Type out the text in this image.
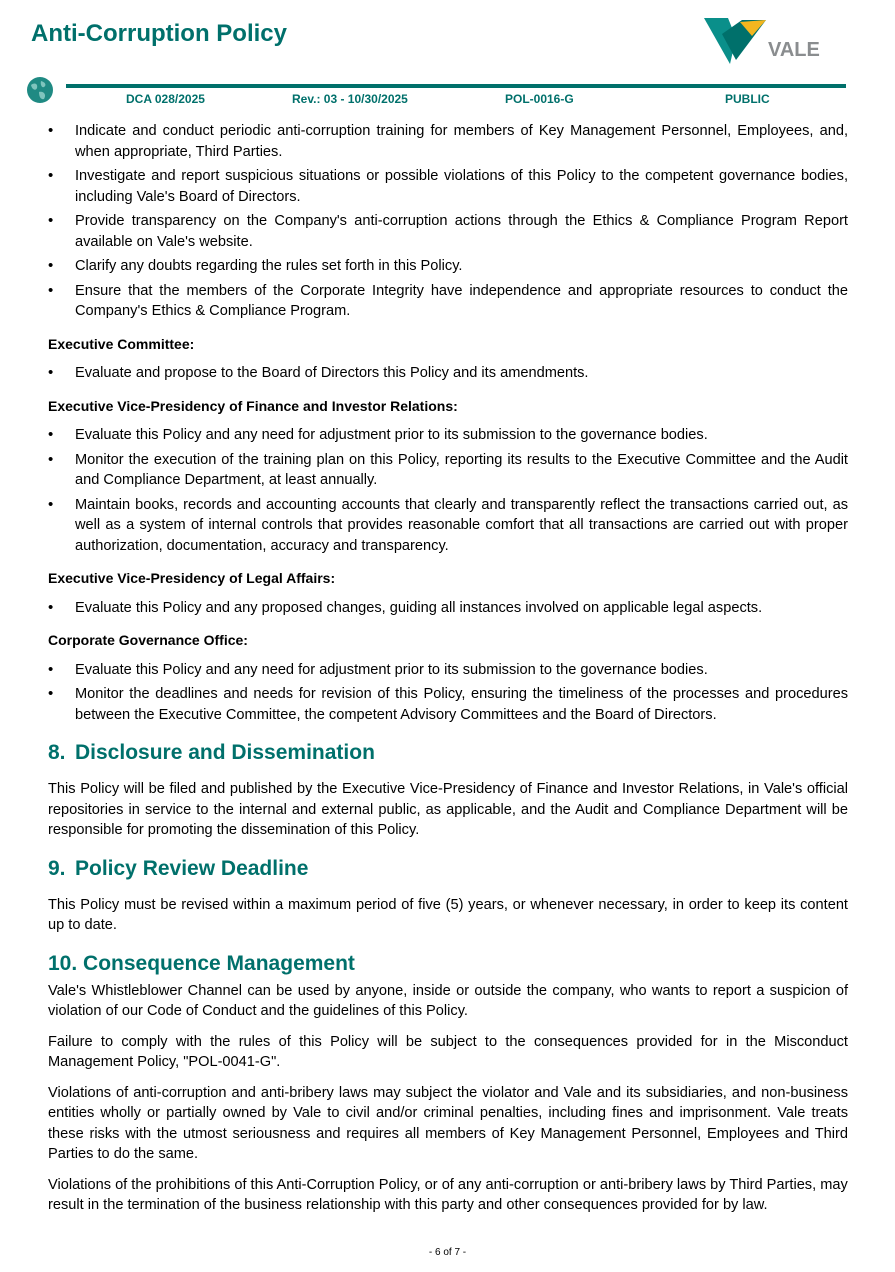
Anti-Corruption Policy
VALE
DCA 028/2025	Rev.: 03 - 10/30/2025	POL-0016-G	PUBLIC
• Indicate and conduct periodic anti-corruption training for members of Key Management Personnel, Employees, and, when appropriate, Third Parties.
• Investigate and report suspicious situations or possible violations of this Policy to the competent governance bodies, including Vale's Board of Directors.
• Provide transparency on the Company's anti-corruption actions through the Ethics & Compliance Program Report available on Vale's website.
• Clarify any doubts regarding the rules set forth in this Policy.
• Ensure that the members of the Corporate Integrity have independence and appropriate resources to conduct the Company's Ethics & Compliance Program.
Executive Committee:
• Evaluate and propose to the Board of Directors this Policy and its amendments.
Executive Vice-Presidency of Finance and Investor Relations:
• Evaluate this Policy and any need for adjustment prior to its submission to the governance bodies.
• Monitor the execution of the training plan on this Policy, reporting its results to the Executive Committee and the Audit and Compliance Department, at least annually.
• Maintain books, records and accounting accounts that clearly and transparently reflect the transactions carried out, as well as a system of internal controls that provides reasonable comfort that all transactions are carried out with proper authorization, documentation, accuracy and transparency.
Executive Vice-Presidency of Legal Affairs:
• Evaluate this Policy and any proposed changes, guiding all instances involved on applicable legal aspects.
Corporate Governance Office:
• Evaluate this Policy and any need for adjustment prior to its submission to the governance bodies.
• Monitor the deadlines and needs for revision of this Policy, ensuring the timeliness of the processes and procedures between the Executive Committee, the competent Advisory Committees and the Board of Directors.
8. Disclosure and Dissemination

This Policy will be filed and published by the Executive Vice-Presidency of Finance and Investor Relations, in Vale's official repositories in service to the internal and external public, as applicable, and the Audit and Compliance Department will be responsible for promoting the dissemination of this Policy.

9. Policy Review Deadline

This Policy must be revised within a maximum period of five (5) years, or whenever necessary, in order to keep its content up to date.

10. Consequence Management

Vale's Whistleblower Channel can be used by anyone, inside or outside the company, who wants to report a suspicion of violation of our Code of Conduct and the guidelines of this Policy.

Failure to comply with the rules of this Policy will be subject to the consequences provided for in the Misconduct Management Policy, "POL-0041-G".

Violations of anti-corruption and anti-bribery laws may subject the violator and Vale and its subsidiaries, and non-business entities wholly or partially owned by Vale to civil and/or criminal penalties, including fines and imprisonment. Vale treats these risks with the utmost seriousness and requires all members of Key Management Personnel, Employees and Third Parties to do the same.

Violations of the prohibitions of this Anti-Corruption Policy, or of any anti-corruption or anti-bribery laws by Third Parties, may result in the termination of the business relationship with this party and other consequences provided for by law.

- 6 of 7 -
